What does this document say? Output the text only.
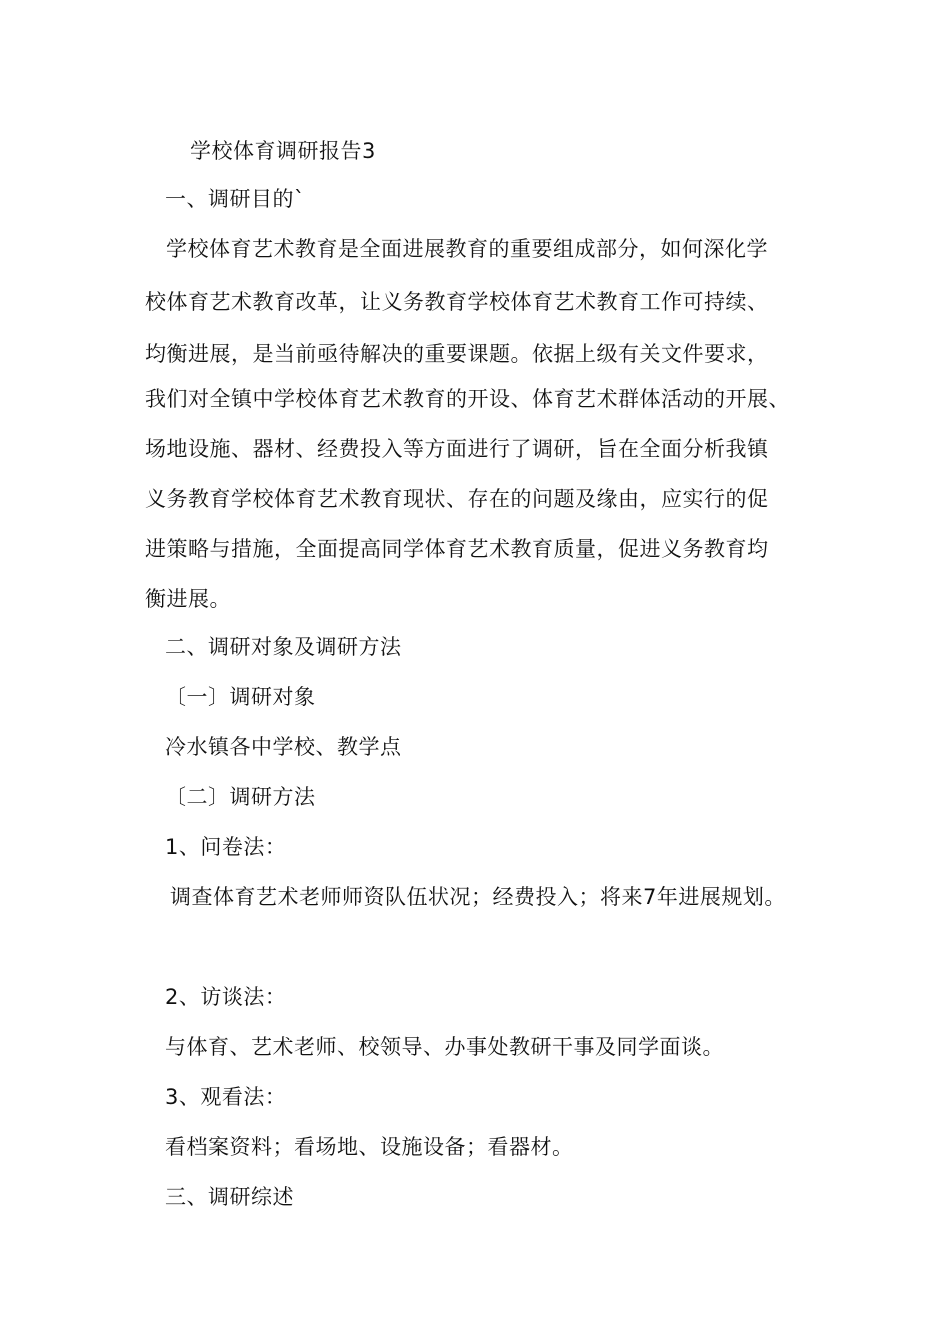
学校体育调研报告3
一、调研目的`
学校体育艺术教育是全面进展教育的重要组成部分，如何深化学
校体育艺术教育改革，让义务教育学校体育艺术教育工作可持续、
均衡进展，是当前亟待解决的重要课题。依据上级有关文件要求，
我们对全镇中学校体育艺术教育的开设、体育艺术群体活动的开展、
场地设施、器材、经费投入等方面进行了调研，旨在全面分析我镇
义务教育学校体育艺术教育现状、存在的问题及缘由，应实行的促
进策略与措施，全面提高同学体育艺术教育质量，促进义务教育均
衡进展。
二、调研对象及调研方法
〔一〕调研对象
冷水镇各中学校、教学点
〔二〕调研方法
1、问卷法：
调查体育艺术老师师资队伍状况；经费投入；将来7年进展规划。
2、访谈法：
与体育、艺术老师、校领导、办事处教研干事及同学面谈。
3、观看法：
看档案资料；看场地、设施设备；看器材。
三、调研综述
